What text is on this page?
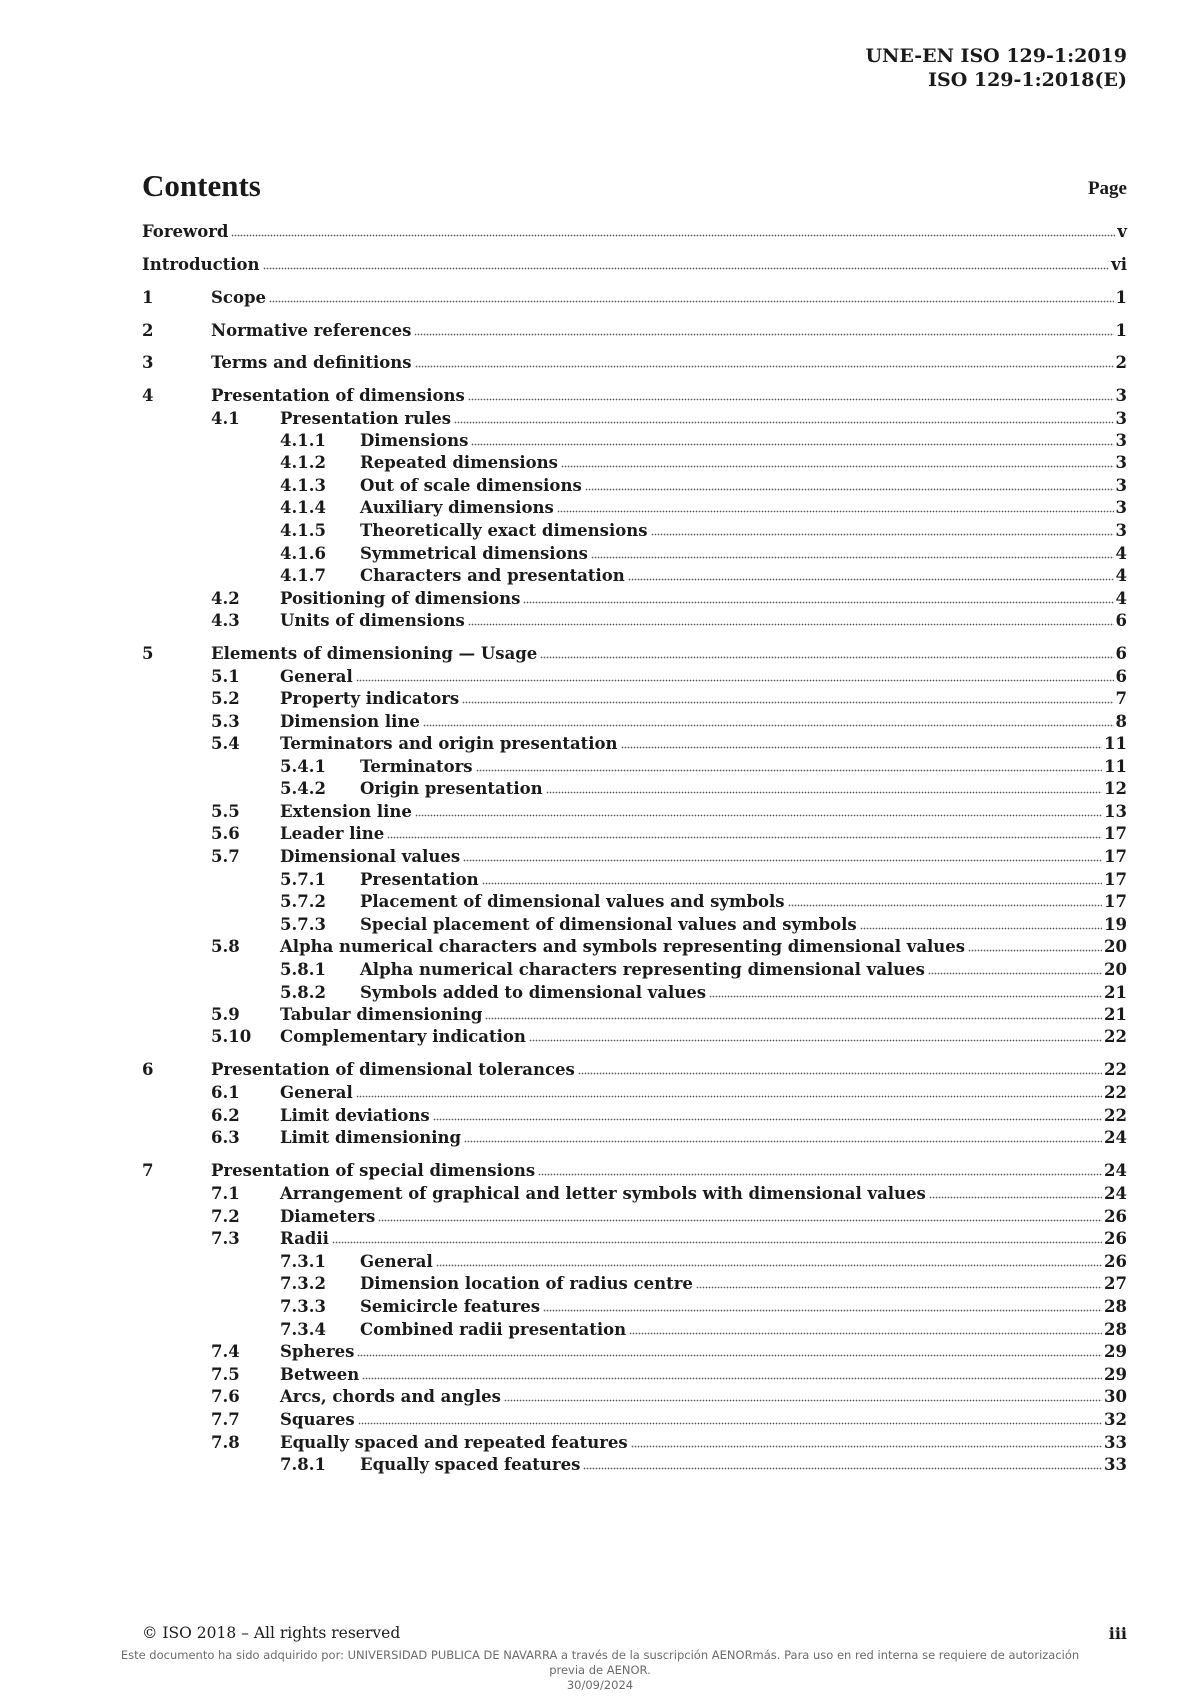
UNE-EN ISO 129-1:2019
ISO 129-1:2018(E)
Contents	Page
Foreword	v
Introduction	vi
1	Scope	1
2	Normative references	1
3	Terms and definitions	2
4	Presentation of dimensions	3
4.1	Presentation rules	3
4.1.1	Dimensions	3
4.1.2	Repeated dimensions	3
4.1.3	Out of scale dimensions	3
4.1.4	Auxiliary dimensions	3
4.1.5	Theoretically exact dimensions	3
4.1.6	Symmetrical dimensions	4
4.1.7	Characters and presentation	4
4.2	Positioning of dimensions	4
4.3	Units of dimensions	6
5	Elements of dimensioning — Usage	6
5.1	General	6
5.2	Property indicators	7
5.3	Dimension line	8
5.4	Terminators and origin presentation	11
5.4.1	Terminators	11
5.4.2	Origin presentation	12
5.5	Extension line	13
5.6	Leader line	17
5.7	Dimensional values	17
5.7.1	Presentation	17
5.7.2	Placement of dimensional values and symbols	17
5.7.3	Special placement of dimensional values and symbols	19
5.8	Alpha numerical characters and symbols representing dimensional values	20
5.8.1	Alpha numerical characters representing dimensional values	20
5.8.2	Symbols added to dimensional values	21
5.9	Tabular dimensioning	21
5.10	Complementary indication	22
6	Presentation of dimensional tolerances	22
6.1	General	22
6.2	Limit deviations	22
6.3	Limit dimensioning	24
7	Presentation of special dimensions	24
7.1	Arrangement of graphical and letter symbols with dimensional values	24
7.2	Diameters	26
7.3	Radii	26
7.3.1	General	26
7.3.2	Dimension location of radius centre	27
7.3.3	Semicircle features	28
7.3.4	Combined radii presentation	28
7.4	Spheres	29
7.5	Between	29
7.6	Arcs, chords and angles	30
7.7	Squares	32
7.8	Equally spaced and repeated features	33
7.8.1	Equally spaced features	33
© ISO 2018 – All rights reserved	iii
Este documento ha sido adquirido por: UNIVERSIDAD PUBLICA DE NAVARRA a través de la suscripción AENORmás. Para uso en red interna se requiere de autorización
previa de AENOR.
30/09/2024
